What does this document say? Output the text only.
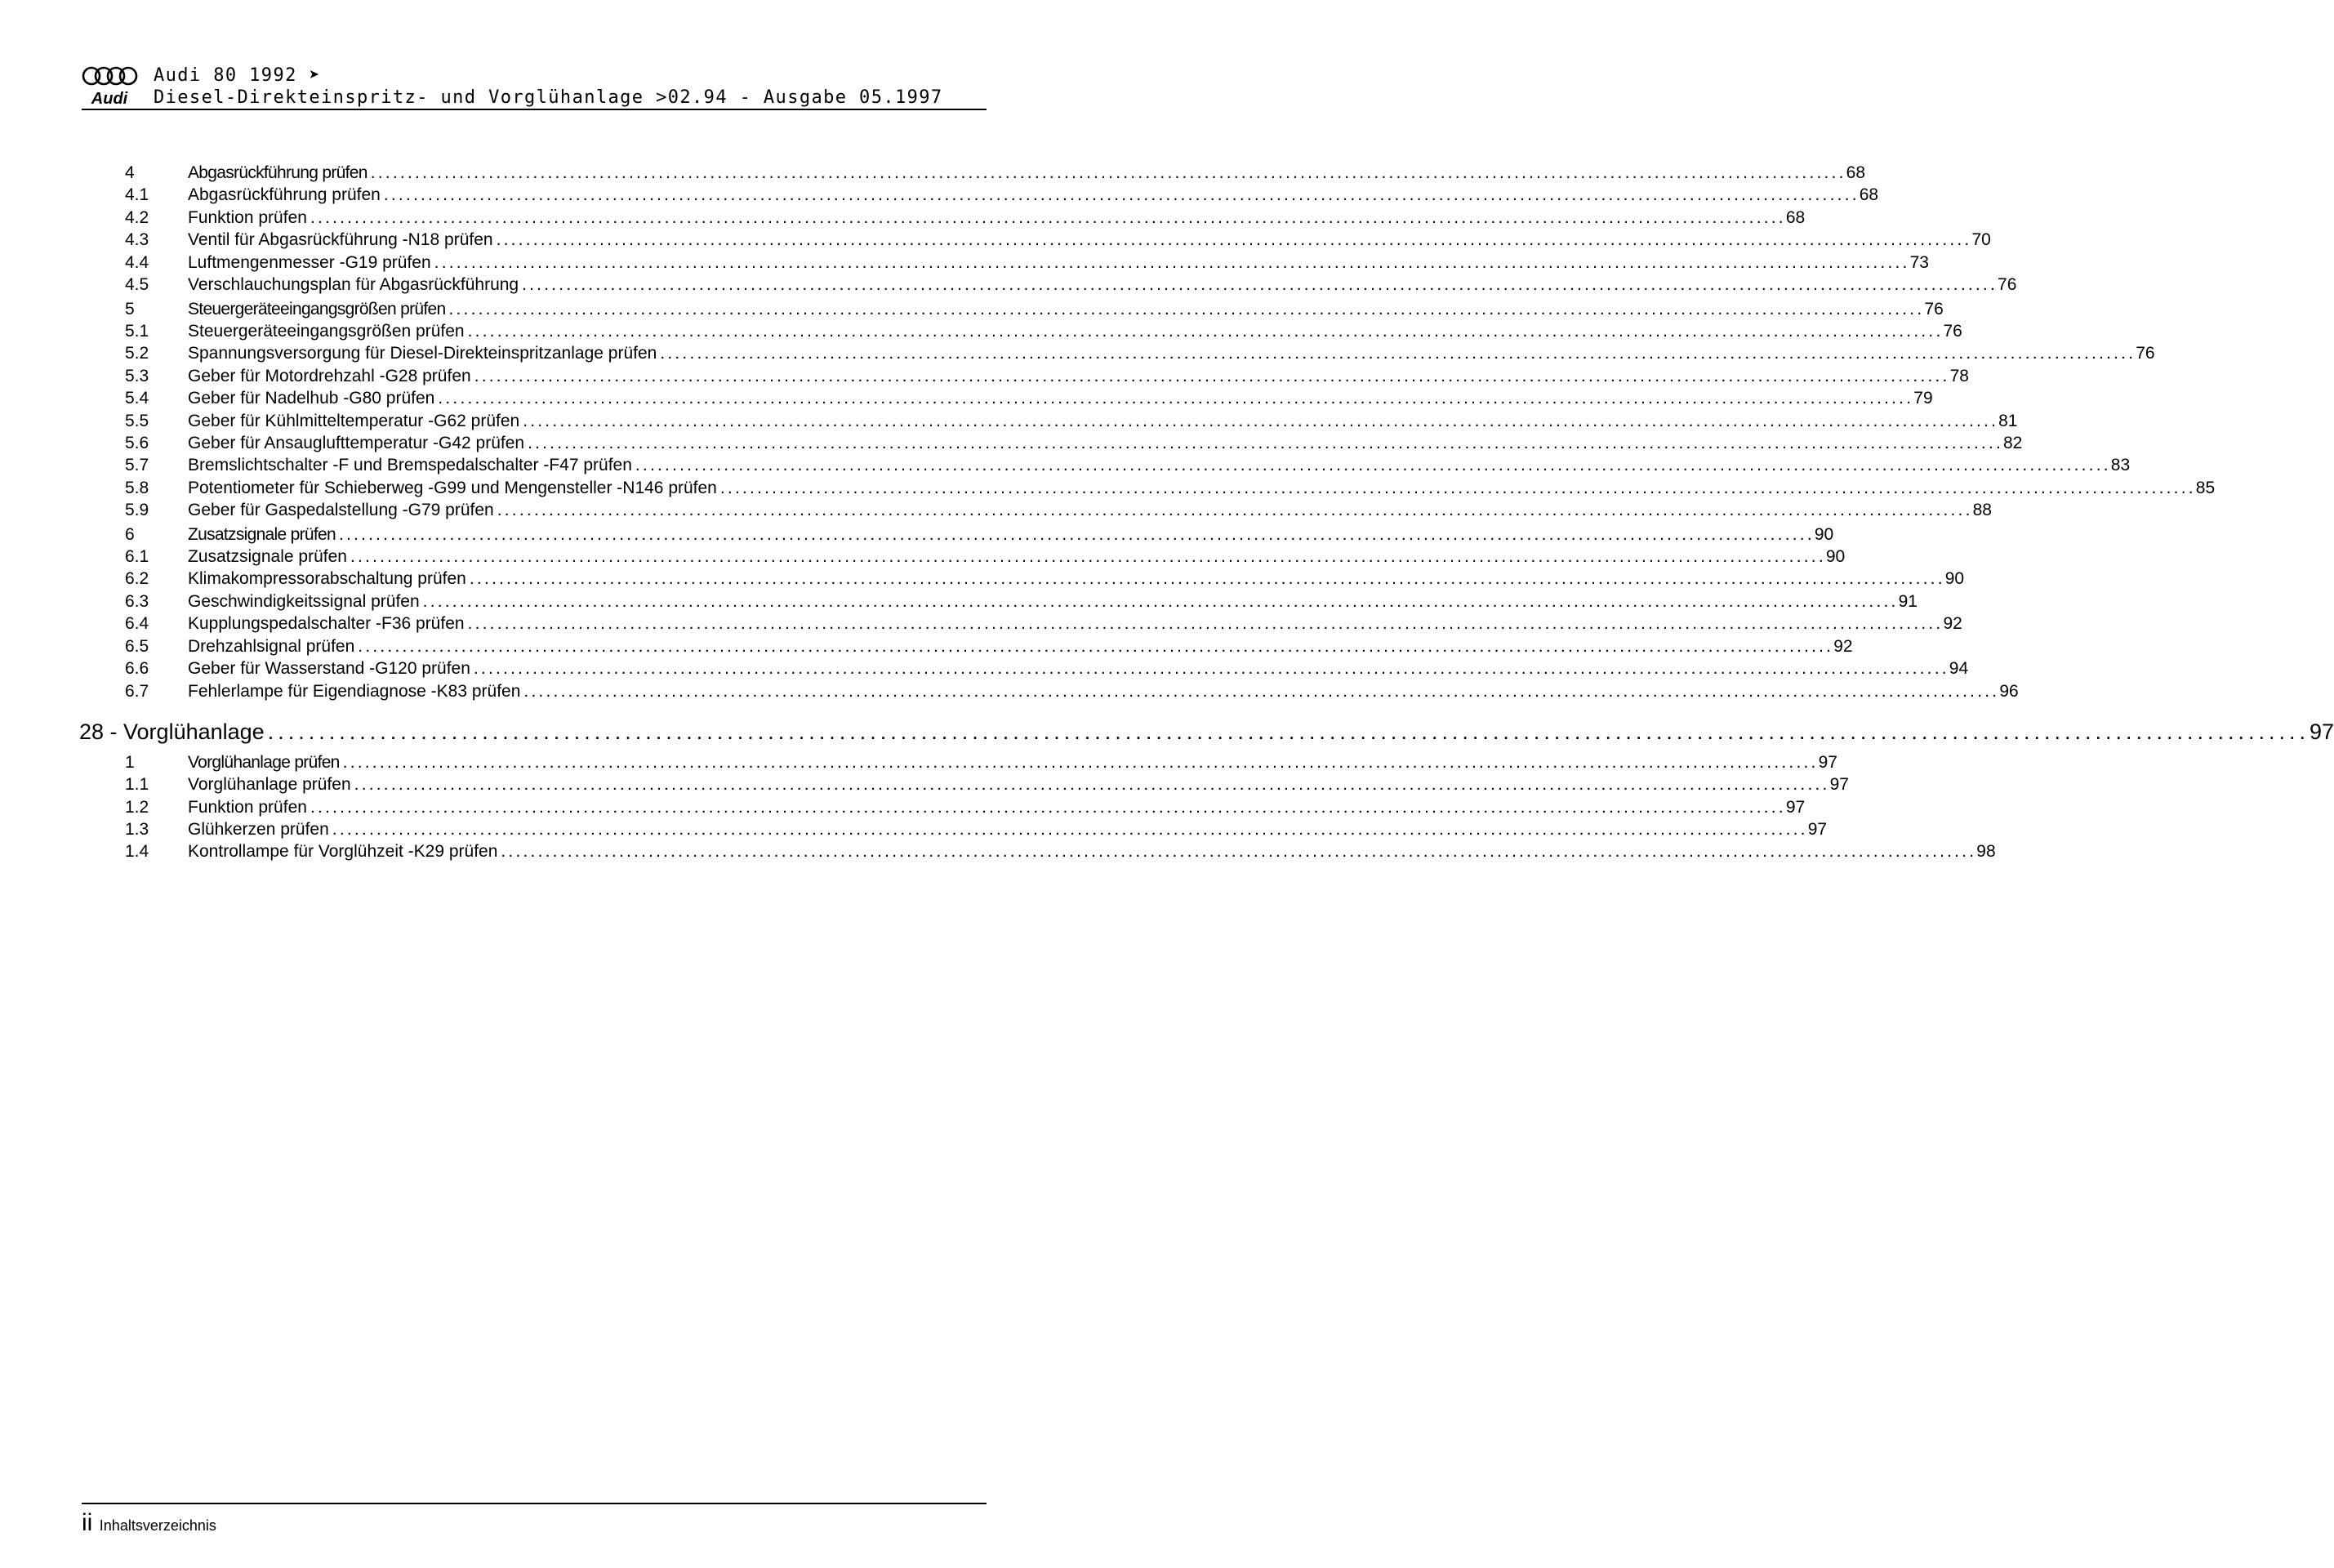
Audi
Audi 80 1992 ➤
Diesel-Direkteinspritz- und Vorglühanlage >02.94 - Ausgabe 05.1997
4	Abgasrückführung prüfen ........................................................................................................................................................................................................ 68
4.1 Abgasrückführung prüfen ........................................................................................................................................................................................................ 68
4.2 Funktion prüfen ........................................................................................................................................................................................................ 68
4.3 Ventil für Abgasrückführung -N18 prüfen ........................................................................................................................................................................................................ 70
4.4 Luftmengenmesser -G19 prüfen ........................................................................................................................................................................................................ 73
4.5 Verschlauchungsplan für Abgasrückführung ........................................................................................................................................................................................................ 76
5	Steuergeräteeingangsgrößen prüfen ........................................................................................................................................................................................................ 76
5.1 Steuergeräteeingangsgrößen prüfen ........................................................................................................................................................................................................ 76
5.2 Spannungsversorgung für Diesel-Direkteinspritzanlage prüfen ........................................................................................................................................................................................................ 76
5.3 Geber für Motordrehzahl -G28 prüfen ........................................................................................................................................................................................................ 78
5.4 Geber für Nadelhub -G80 prüfen ........................................................................................................................................................................................................ 79
5.5 Geber für Kühlmitteltemperatur -G62 prüfen ........................................................................................................................................................................................................ 81
5.6 Geber für Ansauglufttemperatur -G42 prüfen ........................................................................................................................................................................................................ 82
5.7 Bremslichtschalter -F und Bremspedalschalter -F47 prüfen ........................................................................................................................................................................................................ 83
5.8 Potentiometer für Schieberweg -G99 und Mengensteller -N146 prüfen ........................................................................................................................................................................................................ 85
5.9 Geber für Gaspedalstellung -G79 prüfen ........................................................................................................................................................................................................ 88
6	Zusatzsignale prüfen ........................................................................................................................................................................................................ 90
6.1 Zusatzsignale prüfen ........................................................................................................................................................................................................ 90
6.2 Klimakompressorabschaltung prüfen ........................................................................................................................................................................................................ 90
6.3 Geschwindigkeitssignal prüfen ........................................................................................................................................................................................................ 91
6.4 Kupplungspedalschalter -F36 prüfen ........................................................................................................................................................................................................ 92
6.5 Drehzahlsignal prüfen ........................................................................................................................................................................................................ 92
6.6 Geber für Wasserstand -G120 prüfen ........................................................................................................................................................................................................ 94
6.7 Fehlerlampe für Eigendiagnose -K83 prüfen ........................................................................................................................................................................................................ 96
28 - Vorglühanlage ........................................................................................................................................................................................................ 97
1	Vorglühanlage prüfen ........................................................................................................................................................................................................ 97
1.1 Vorglühanlage prüfen ........................................................................................................................................................................................................ 97
1.2 Funktion prüfen ........................................................................................................................................................................................................ 97
1.3 Glühkerzen prüfen ........................................................................................................................................................................................................ 97
1.4 Kontrollampe für Vorglühzeit -K29 prüfen ........................................................................................................................................................................................................ 98
ii Inhaltsverzeichnis
